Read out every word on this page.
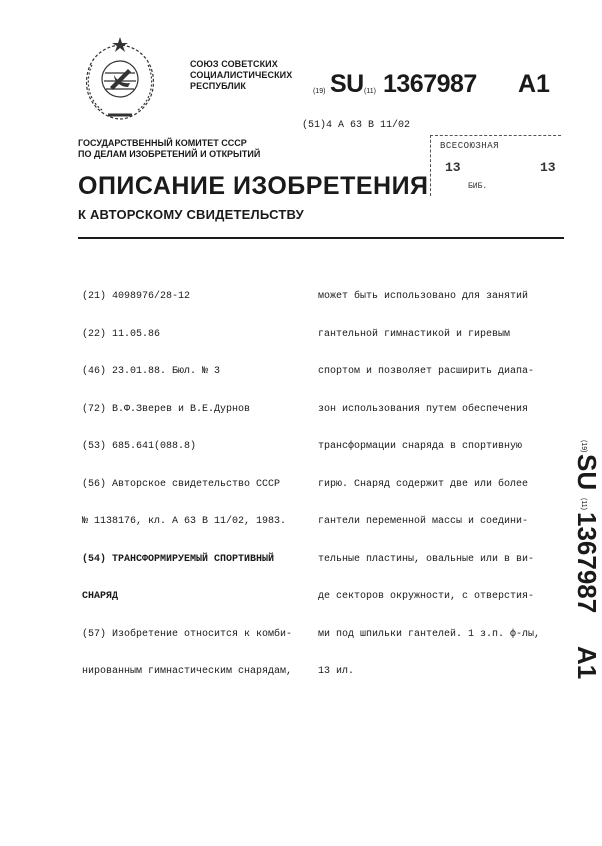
СОЮЗ СОВЕТСКИХ
СОЦИАЛИСТИЧЕСКИХ
РЕСПУБЛИК
(19) SU (11) 1367987 A1
(51)4 A 63 B 11/02
ГОСУДАРСТВЕННЫЙ КОМИТЕТ СССР
ПО ДЕЛАМ ИЗОБРЕТЕНИЙ И ОТКРЫТИЙ
ВСЕСОЮЗНАЯ
13	13
БИБ.
ОПИСАНИЕ ИЗОБРЕТЕНИЯ
К АВТОРСКОМУ СВИДЕТЕЛЬСТВУ

(21) 4098976/28-12

(22) 11.05.86

(46) 23.01.88. Бюл. № 3

(72) В.Ф.Зверев и В.Е.Дурнов

(53) 685.641(088.8)

(56) Авторское свидетельство СССР

№ 1138176, кл. А 63 В 11/02, 1983.

(54) ТРАНСФОРМИРУЕМЫЙ СПОРТИВНЫЙ

СНАРЯД

(57) Изобретение относится к комби-

нированным гимнастическим снарядам,

может быть использовано для занятий

гантельной гимнастикой и гиревым

спортом и позволяет расширить диапа-

зон использования путем обеспечения

трансформации снаряда в спортивную

гирю. Снаряд содержит две или более

гантели переменной массы и соедини-

тельные пластины, овальные или в ви-

де секторов окружности, с отверстия-

ми под шпильки гантелей. 1 з.п. ф-лы,

13 ил.

(19)
SU
(11)
1367987
A1
